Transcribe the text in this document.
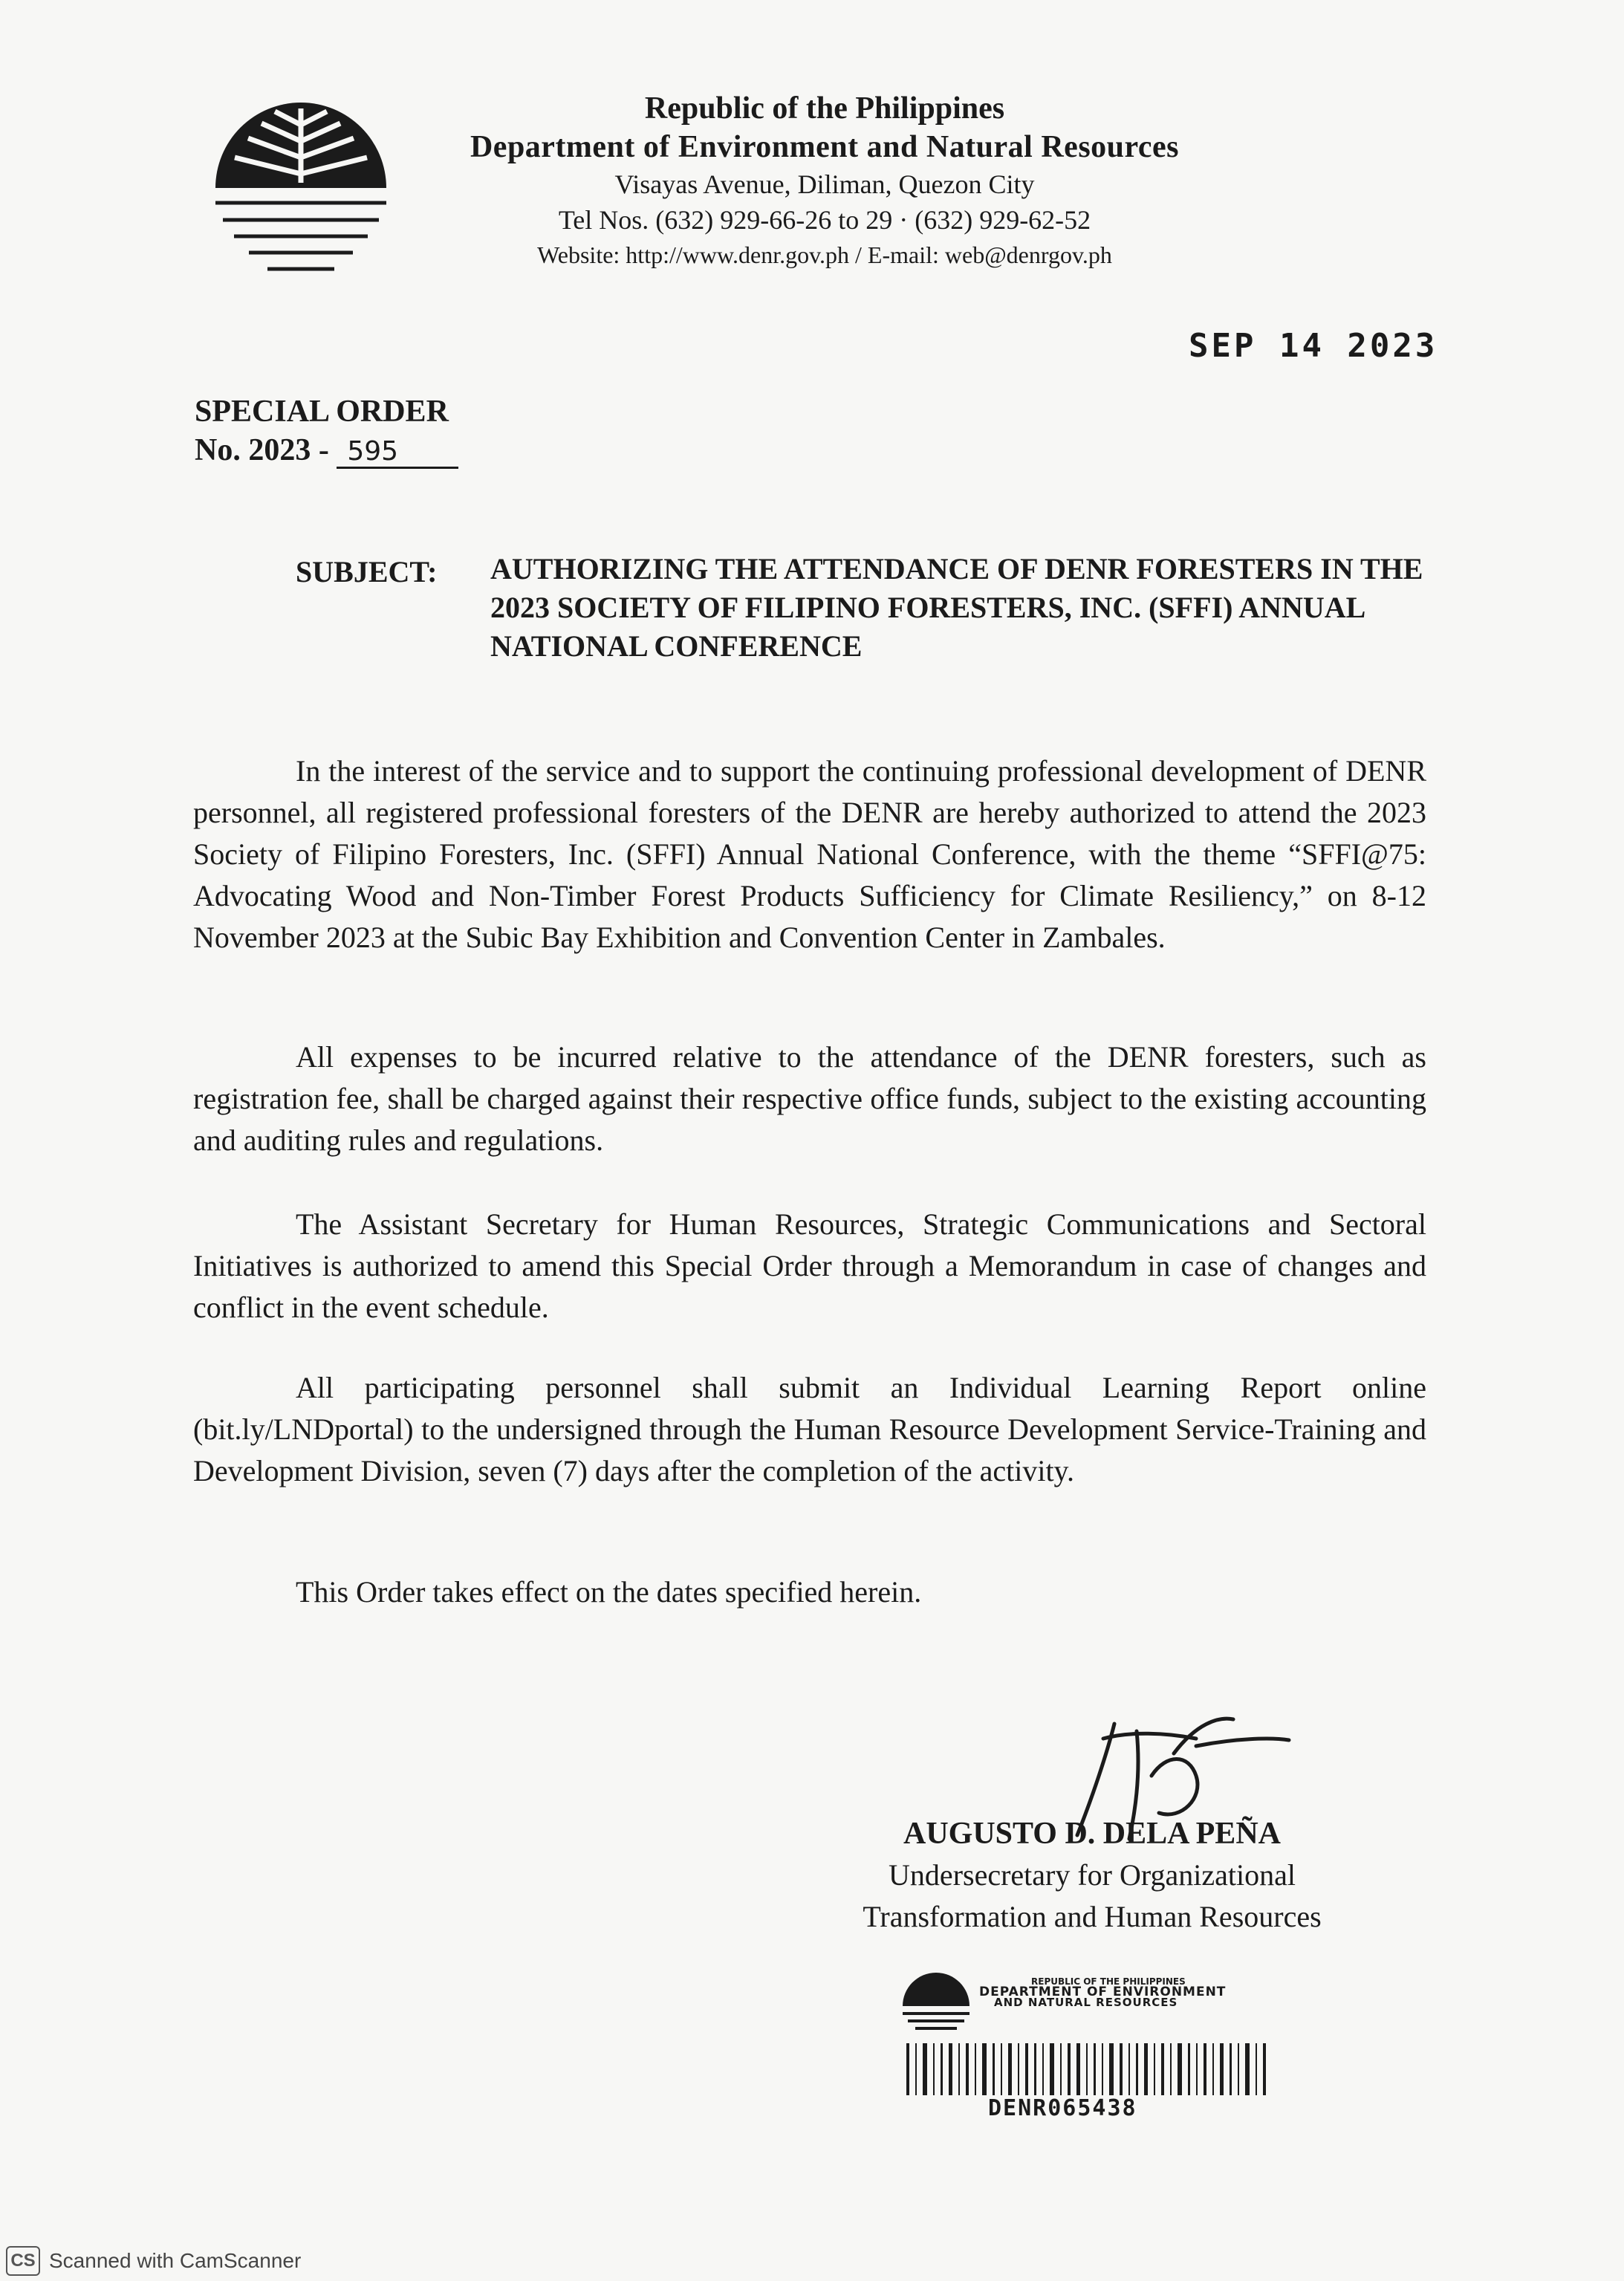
Republic of the Philippines
Department of Environment and Natural Resources
Visayas Avenue, Diliman, Quezon City
Tel Nos. (632) 929-66-26 to 29 · (632) 929-62-52
Website: http://www.denr.gov.ph / E-mail: web@denrgov.ph
SEP 14 2023
SPECIAL ORDER
No. 2023 - 595
SUBJECT: AUTHORIZING THE ATTENDANCE OF DENR FORESTERS IN THE 2023 SOCIETY OF FILIPINO FORESTERS, INC. (SFFI) ANNUAL NATIONAL CONFERENCE
In the interest of the service and to support the continuing professional development of DENR personnel, all registered professional foresters of the DENR are hereby authorized to attend the 2023 Society of Filipino Foresters, Inc. (SFFI) Annual National Conference, with the theme “SFFI@75: Advocating Wood and Non-Timber Forest Products Sufficiency for Climate Resiliency,” on 8-12 November 2023 at the Subic Bay Exhibition and Convention Center in Zambales.
All expenses to be incurred relative to the attendance of the DENR foresters, such as registration fee, shall be charged against their respective office funds, subject to the existing accounting and auditing rules and regulations.
The Assistant Secretary for Human Resources, Strategic Communications and Sectoral Initiatives is authorized to amend this Special Order through a Memorandum in case of changes and conflict in the event schedule.
All participating personnel shall submit an Individual Learning Report online (bit.ly/LNDportal) to the undersigned through the Human Resource Development Service-Training and Development Division, seven (7) days after the completion of the activity.
This Order takes effect on the dates specified herein.
AUGUSTO D. DELA PEÑA
Undersecretary for Organizational
Transformation and Human Resources
REPUBLIC OF THE PHILIPPINES
DEPARTMENT OF ENVIRONMENT
AND NATURAL RESOURCES
DENR065438
CS Scanned with CamScanner
